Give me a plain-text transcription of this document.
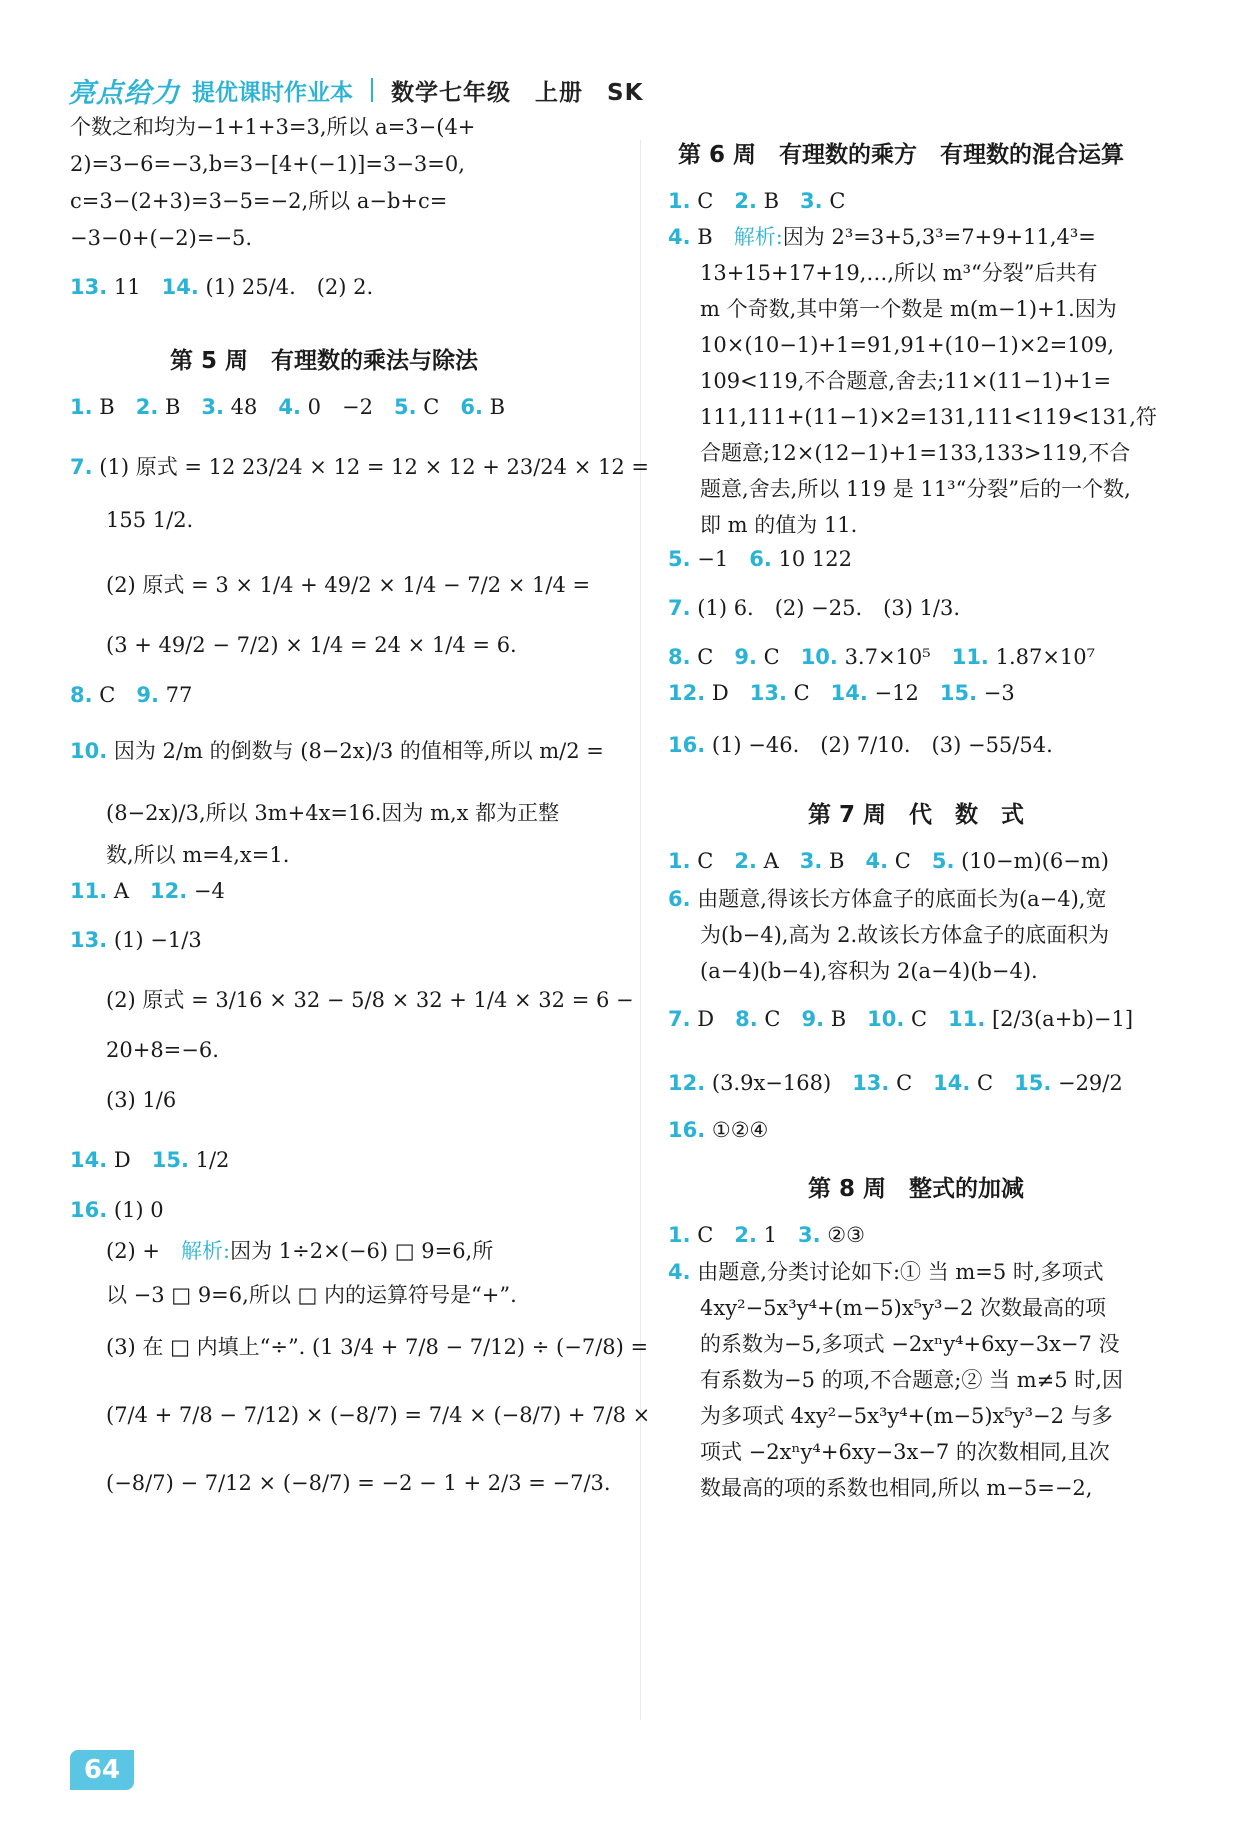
亮点给力 提优课时作业本 数学七年级　上册　SK
个数之和均为−1+1+3=3,所以 a=3−(4+
2)=3−6=−3,b=3−[4+(−1)]=3−3=0,
c=3−(2+3)=3−5=−2,所以 a−b+c=
−3−0+(−2)=−5.
13. 11　14. (1) 25/4.　(2) 2.
第 5 周　有理数的乘法与除法
1. B　2. B　3. 48　4. 0　−2　5. C　6. B
7. (1) 原式 = 12 23/24 × 12 = 12 × 12 + 23/24 × 12 =
155 1/2.
(2) 原式 = 3 × 1/4 + 49/2 × 1/4 − 7/2 × 1/4 =
(3 + 49/2 − 7/2) × 1/4 = 24 × 1/4 = 6.
8. C　9. 77
10. 因为 2/m 的倒数与 (8−2x)/3 的值相等,所以 m/2 =
(8−2x)/3,所以 3m+4x=16.因为 m,x 都为正整
数,所以 m=4,x=1.
11. A　12. −4
13. (1) −1/3
(2) 原式 = 3/16 × 32 − 5/8 × 32 + 1/4 × 32 = 6 −
20+8=−6.
(3) 1/6
14. D　15. 1/2
16. (1) 0
(2) +　解析:因为 1÷2×(−6) □ 9=6,所
以 −3 □ 9=6,所以 □ 内的运算符号是“+”.
(3) 在 □ 内填上“÷”. (1 3/4 + 7/8 − 7/12) ÷ (−7/8) =
(7/4 + 7/8 − 7/12) × (−8/7) = 7/4 × (−8/7) + 7/8 ×
(−8/7) − 7/12 × (−8/7) = −2 − 1 + 2/3 = −7/3.
第 6 周　有理数的乘方　有理数的混合运算
1. C　2. B　3. C
4. B　解析:因为 2³=3+5,3³=7+9+11,4³=
13+15+17+19,…,所以 m³“分裂”后共有
m 个奇数,其中第一个数是 m(m−1)+1.因为
10×(10−1)+1=91,91+(10−1)×2=109,
109<119,不合题意,舍去;11×(11−1)+1=
111,111+(11−1)×2=131,111<119<131,符
合题意;12×(12−1)+1=133,133>119,不合
题意,舍去,所以 119 是 11³“分裂”后的一个数,
即 m 的值为 11.
5. −1　6. 10 122
7. (1) 6.　(2) −25.　(3) 1/3.
8. C　9. C　10. 3.7×10⁵　11. 1.87×10⁷
12. D　13. C　14. −12　15. −3
16. (1) −46.　(2) 7/10.　(3) −55/54.
第 7 周　代　数　式
1. C　2. A　3. B　4. C　5. (10−m)(6−m)
6. 由题意,得该长方体盒子的底面长为(a−4),宽
为(b−4),高为 2.故该长方体盒子的底面积为
(a−4)(b−4),容积为 2(a−4)(b−4).
7. D　8. C　9. B　10. C　11. [2/3(a+b)−1]
12. (3.9x−168)　13. C　14. C　15. −29/2
16. ①②④
第 8 周　整式的加减
1. C　2. 1　3. ②③
4. 由题意,分类讨论如下:① 当 m=5 时,多项式
4xy²−5x³y⁴+(m−5)x⁵y³−2 次数最高的项
的系数为−5,多项式 −2xⁿy⁴+6xy−3x−7 没
有系数为−5 的项,不合题意;② 当 m≠5 时,因
为多项式 4xy²−5x³y⁴+(m−5)x⁵y³−2 与多
项式 −2xⁿy⁴+6xy−3x−7 的次数相同,且次
数最高的项的系数也相同,所以 m−5=−2,
64
